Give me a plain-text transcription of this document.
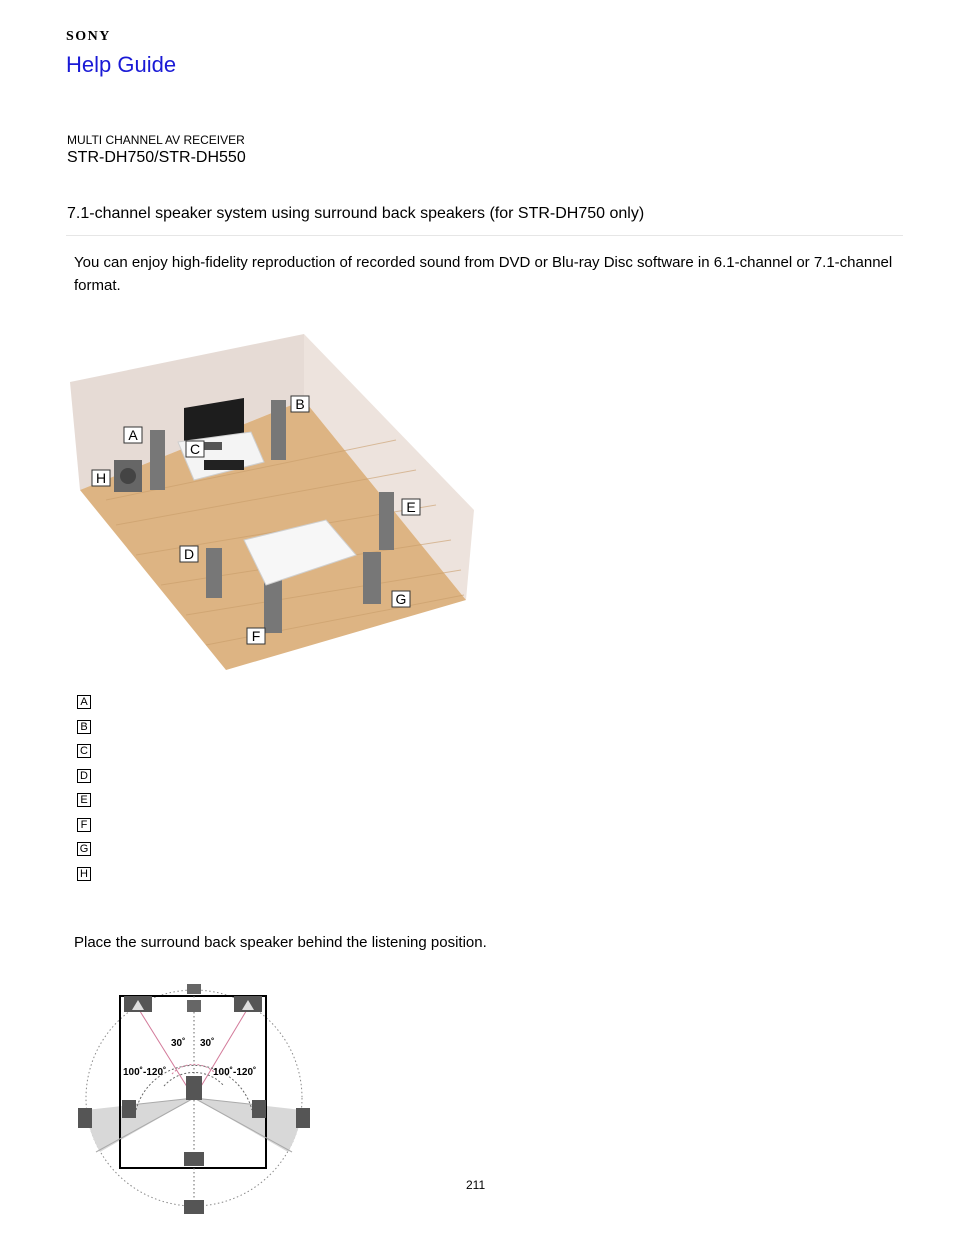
SONY
Help Guide
MULTI CHANNEL AV RECEIVER
STR-DH750/STR-DH550
7.1-channel speaker system using surround back speakers (for STR-DH750 only)
You can enjoy high-fidelity reproduction of recorded sound from DVD or Blu-ray Disc software in 6.1-channel or 7.1-channel format.
A
B
C
D
E
F
G
H
A
B
C
D
E
F
G
H
Place the surround back speaker behind the listening position.
30˚ 30˚
100˚-120˚	100˚-120˚
211
